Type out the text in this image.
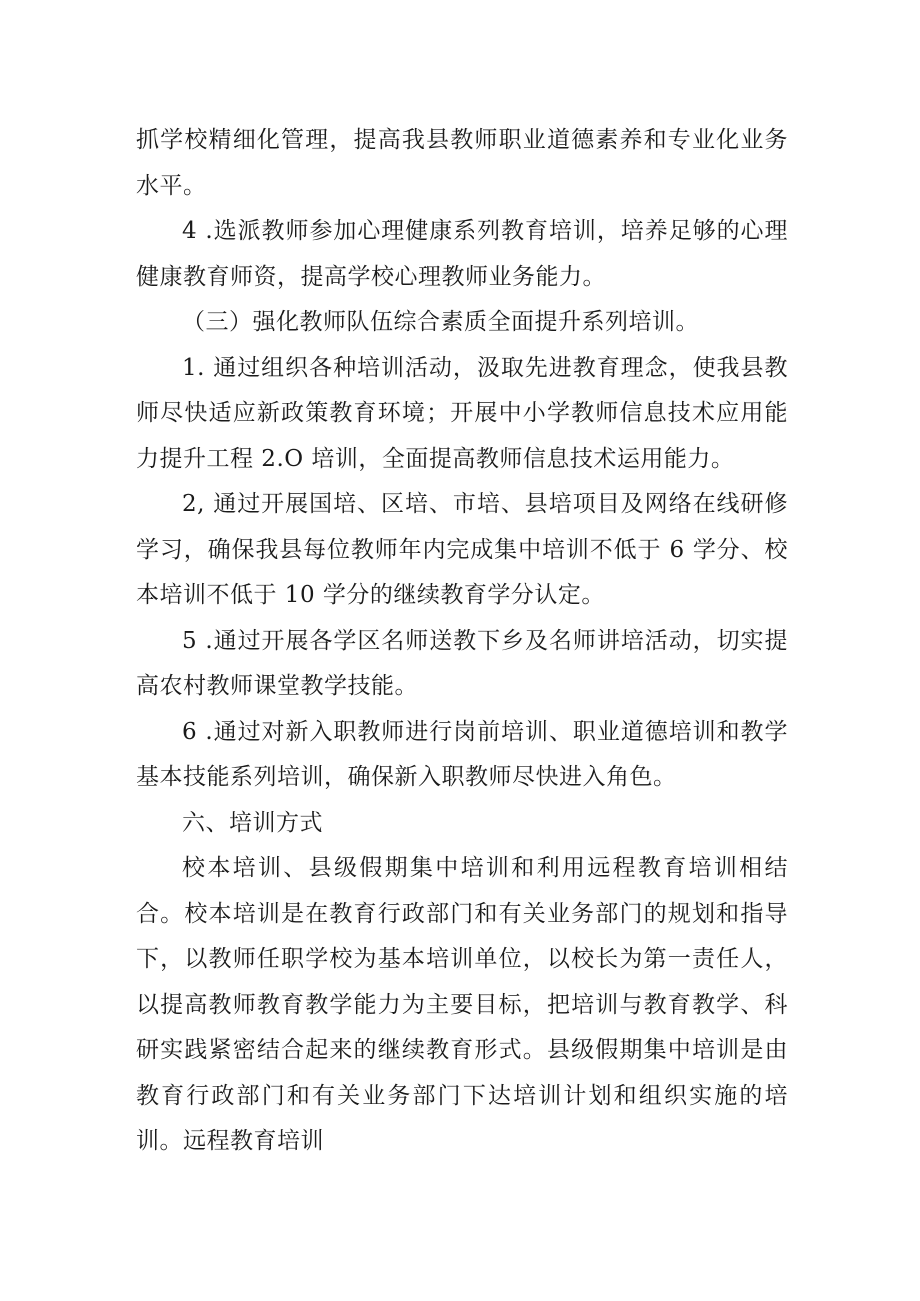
抓学校精细化管理，提高我县教师职业道德素养和专业化业务水平。

4 .选派教师参加心理健康系列教育培训，培养足够的心理健康教育师资，提高学校心理教师业务能力。

（三）强化教师队伍综合素质全面提升系列培训。

1. 通过组织各种培训活动，汲取先进教育理念，使我县教师尽快适应新政策教育环境；开展中小学教师信息技术应用能力提升工程 2.O 培训，全面提高教师信息技术运用能力。

2, 通过开展国培、区培、市培、县培项目及网络在线研修学习，确保我县每位教师年内完成集中培训不低于 6 学分、校本培训不低于 10 学分的继续教育学分认定。

5 .通过开展各学区名师送教下乡及名师讲培活动，切实提高农村教师课堂教学技能。

6 .通过对新入职教师进行岗前培训、职业道德培训和教学基本技能系列培训，确保新入职教师尽快进入角色。

六、培训方式

校本培训、县级假期集中培训和利用远程教育培训相结合。校本培训是在教育行政部门和有关业务部门的规划和指导下，以教师任职学校为基本培训单位，以校长为第一责任人，以提高教师教育教学能力为主要目标，把培训与教育教学、科研实践紧密结合起来的继续教育形式。县级假期集中培训是由教育行政部门和有关业务部门下达培训计划和组织实施的培训。远程教育培训
